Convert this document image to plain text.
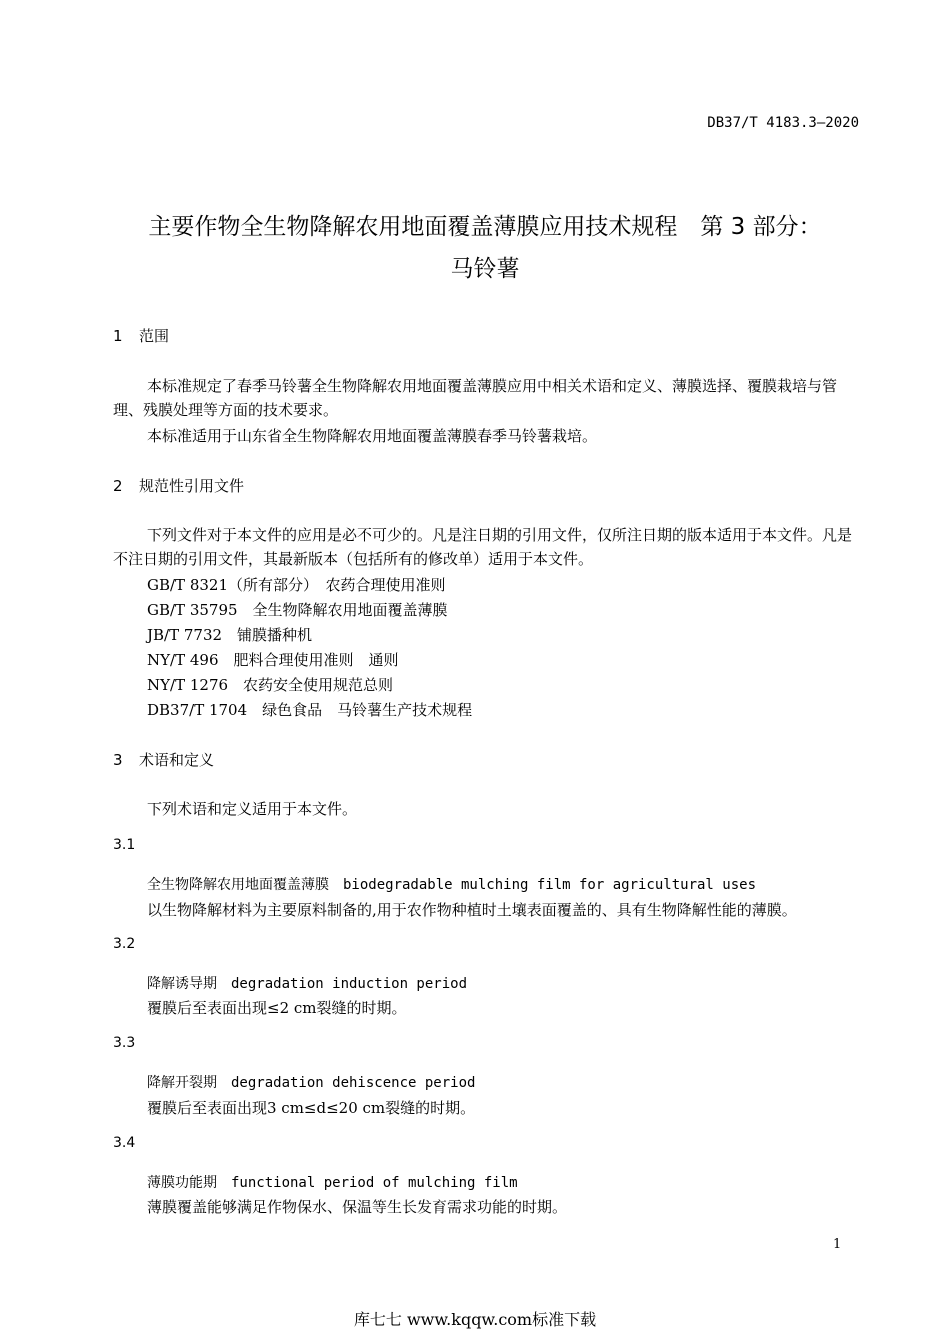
DB37/T 4183.3—2020
主要作物全生物降解农用地面覆盖薄膜应用技术规程　第 3 部分：
马铃薯
1 范围
本标准规定了春季马铃薯全生物降解农用地面覆盖薄膜应用中相关术语和定义、薄膜选择、覆膜栽培与管理、残膜处理等方面的技术要求。
本标准适用于山东省全生物降解农用地面覆盖薄膜春季马铃薯栽培。
2 规范性引用文件
下列文件对于本文件的应用是必不可少的。凡是注日期的引用文件，仅所注日期的版本适用于本文件。凡是不注日期的引用文件，其最新版本（包括所有的修改单）适用于本文件。
GB/T 8321（所有部分）　农药合理使用准则
GB/T 35795　全生物降解农用地面覆盖薄膜
JB/T 7732　铺膜播种机
NY/T 496　肥料合理使用准则　通则
NY/T 1276　农药安全使用规范总则
DB37/T 1704　绿色食品　马铃薯生产技术规程
3 术语和定义
下列术语和定义适用于本文件。
3.1
全生物降解农用地面覆盖薄膜 biodegradable mulching film for agricultural uses
以生物降解材料为主要原料制备的,用于农作物种植时土壤表面覆盖的、具有生物降解性能的薄膜。
3.2
降解诱导期 degradation induction period
覆膜后至表面出现≤2 cm裂缝的时期。
3.3
降解开裂期 degradation dehiscence period
覆膜后至表面出现3 cm≤d≤20 cm裂缝的时期。
3.4
薄膜功能期 functional period of mulching film
薄膜覆盖能够满足作物保水、保温等生长发育需求功能的时期。
1
库七七 www.kqqw.com标准下载
